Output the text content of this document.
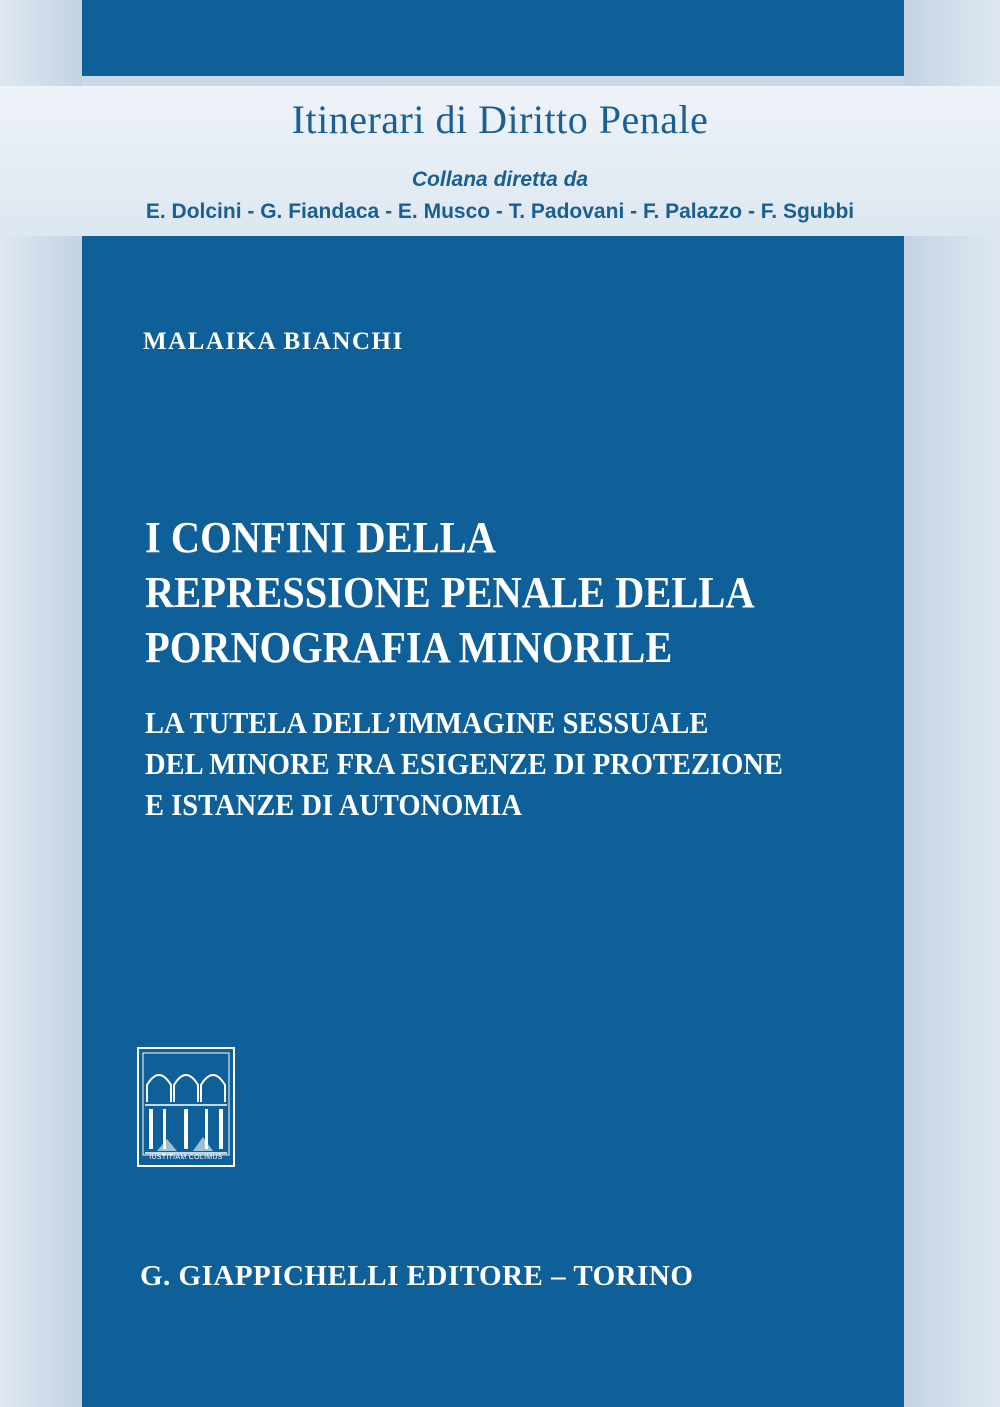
Itinerari di Diritto Penale
Collana diretta da
E. Dolcini - G. Fiandaca - E. Musco - T. Padovani - F. Palazzo - F. Sgubbi
MALAIKA BIANCHI
I CONFINI DELLA
REPRESSIONE PENALE DELLA
PORNOGRAFIA MINORILE
LA TUTELA DELL’IMMAGINE SESSUALE
DEL MINORE FRA ESIGENZE DI PROTEZIONE
E ISTANZE DI AUTONOMIA
IUSTITIAM COLIMUS
G. GIAPPICHELLI EDITORE – TORINO
